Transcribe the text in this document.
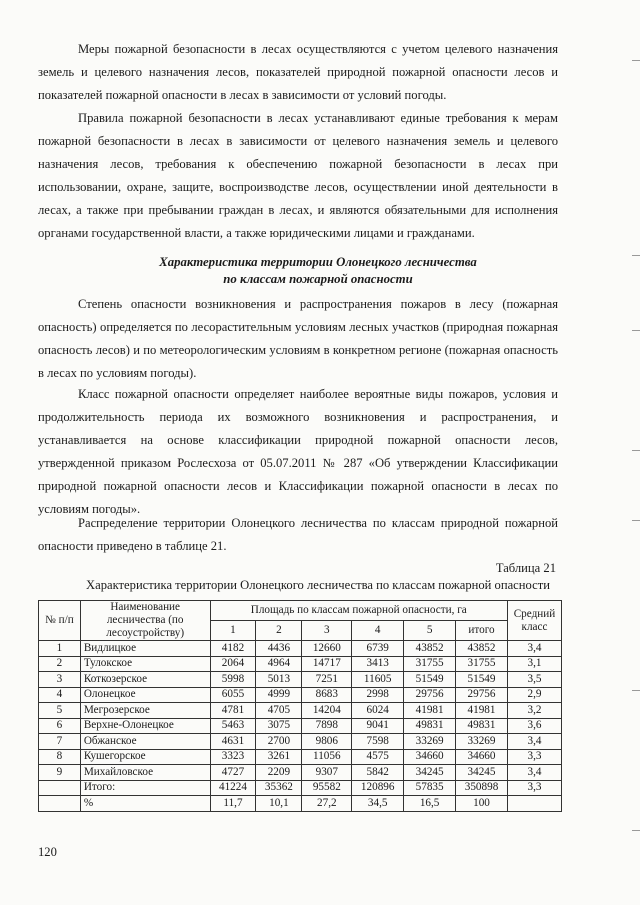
Меры пожарной безопасности в лесах осуществляются с учетом целевого назначения земель и целевого назначения лесов, показателей природной пожарной опасности лесов и показателей пожарной опасности в лесах в зависимости от условий погоды.

Правила пожарной безопасности в лесах устанавливают единые требования к мерам пожарной безопасности в лесах в зависимости от целевого назначения земель и целевого назначения лесов, требования к обеспечению пожарной безопасности в лесах при использовании, охране, защите, воспроизводстве лесов, осуществлении иной деятельности в лесах, а также при пребывании граждан в лесах, и являются обязательными для исполнения органами государственной власти, а также юридическими лицами и гражданами.

Характеристика территории Олонецкого лесничества
по классам пожарной опасности

Степень опасности возникновения и распространения пожаров в лесу (пожарная опасность) определяется по лесорастительным условиям лесных участков (природная пожарная опасность лесов) и по метеорологическим условиям в конкретном регионе (пожарная опасность в лесах по условиям погоды).

Класс пожарной опасности определяет наиболее вероятные виды пожаров, условия и продолжительность периода их возможного возникновения и распространения, и устанавливается на основе классификации природной пожарной опасности лесов, утвержденной приказом Рослесхоза от 05.07.2011 № 287 «Об утверждении Классификации природной пожарной опасности лесов и Классификации пожарной опасности в лесах по условиям погоды».

Распределение территории Олонецкого лесничества по классам природной пожарной опасности приведено в таблице 21.

Таблица 21
Характеристика территории Олонецкого лесничества по классам пожарной опасности
№ п/п	Наименование лесничества (по лесоустройству)	Площадь по классам пожарной опасности, га						Средний класс
		1	2	3	4	5	итого	
1	Видлицкое	4182	4436	12660	6739	43852	43852	3,4
2	Тулокское	2064	4964	14717	3413	31755	31755	3,1
3	Коткозерское	5998	5013	7251	11605	51549	51549	3,5
4	Олонецкое	6055	4999	8683	2998	29756	29756	2,9
5	Мегрозерское	4781	4705	14204	6024	41981	41981	3,2
6	Верхне-Олонецкое	5463	3075	7898	9041	49831	49831	3,6
7	Обжанское	4631	2700	9806	7598	33269	33269	3,4
8	Кушегорское	3323	3261	11056	4575	34660	34660	3,3
9	Михайловское	4727	2209	9307	5842	34245	34245	3,4
	Итого:	41224	35362	95582	120896	57835	350898	3,3
	%	11,7	10,1	27,2	34,5	16,5	100	
120
